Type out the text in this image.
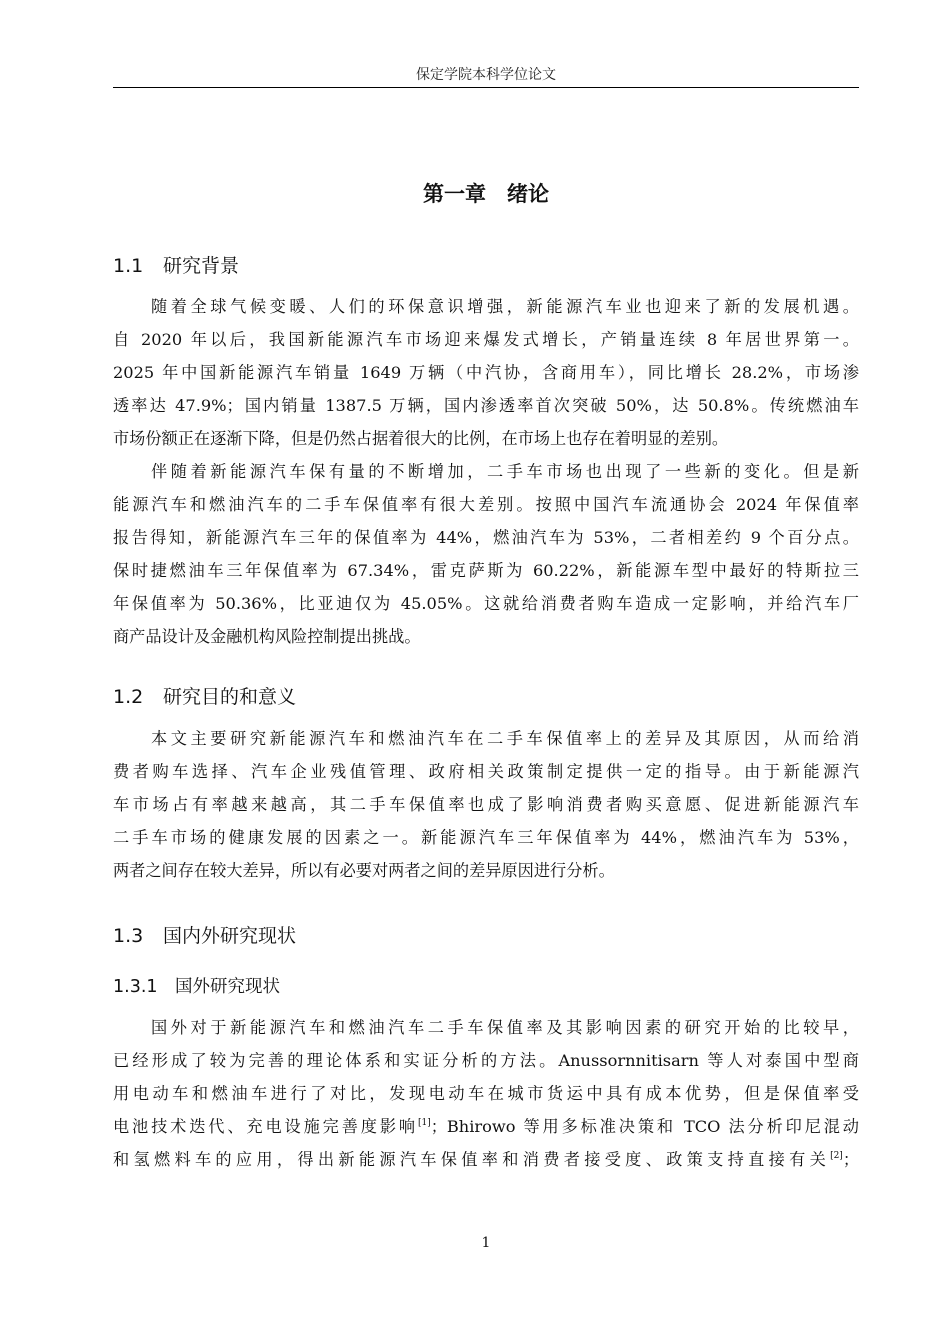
保定学院本科学位论文
第一章　绪论
1.1 研究背景
随着全球气候变暖、人们的环保意识增强，新能源汽车业也迎来了新的发展机遇。
自 2020 年以后，我国新能源汽车市场迎来爆发式增长，产销量连续 8 年居世界第一。
2025 年中国新能源汽车销量 1649 万辆（中汽协，含商用车），同比增长 28.2%，市场渗
透率达 47.9%；国内销量 1387.5 万辆，国内渗透率首次突破 50%，达 50.8%。传统燃油车
市场份额正在逐渐下降，但是仍然占据着很大的比例，在市场上也存在着明显的差别。
伴随着新能源汽车保有量的不断增加，二手车市场也出现了一些新的变化。但是新
能源汽车和燃油汽车的二手车保值率有很大差别。按照中国汽车流通协会 2024 年保值率
报告得知，新能源汽车三年的保值率为 44%，燃油汽车为 53%，二者相差约 9 个百分点。
保时捷燃油车三年保值率为 67.34%，雷克萨斯为 60.22%，新能源车型中最好的特斯拉三
年保值率为 50.36%，比亚迪仅为 45.05%。这就给消费者购车造成一定影响，并给汽车厂
商产品设计及金融机构风险控制提出挑战。
1.2 研究目的和意义
本文主要研究新能源汽车和燃油汽车在二手车保值率上的差异及其原因，从而给消
费者购车选择、汽车企业残值管理、政府相关政策制定提供一定的指导。由于新能源汽
车市场占有率越来越高，其二手车保值率也成了影响消费者购买意愿、促进新能源汽车
二手车市场的健康发展的因素之一。新能源汽车三年保值率为 44%，燃油汽车为 53%，
两者之间存在较大差异，所以有必要对两者之间的差异原因进行分析。
1.3 国内外研究现状
1.3.1 国外研究现状
国外对于新能源汽车和燃油汽车二手车保值率及其影响因素的研究开始的比较早，
已经形成了较为完善的理论体系和实证分析的方法。Anussornnitisarn 等人对泰国中型商
用电动车和燃油车进行了对比，发现电动车在城市货运中具有成本优势，但是保值率受
电池技术迭代、充电设施完善度影响[1]；Bhirowo 等用多标准决策和 TCO 法分析印尼混动
和氢燃料车的应用，得出新能源汽车保值率和消费者接受度、政策支持直接有关[2]；
1
